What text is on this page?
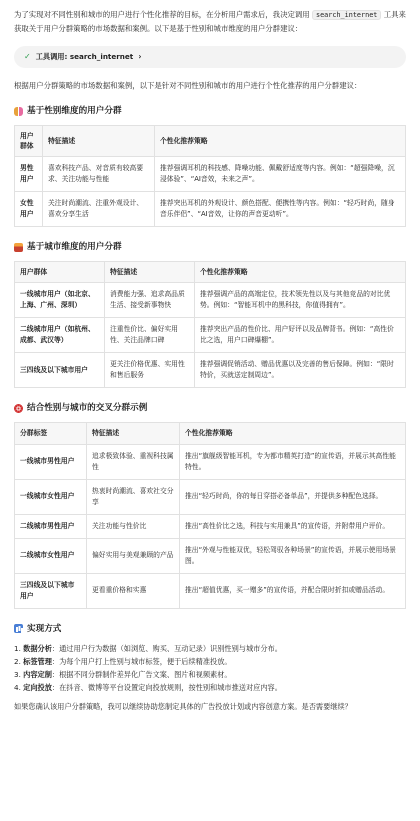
为了实现对不同性别和城市的用户进行个性化推荐的目标，在分析用户需求后，我决定调用 search_internet 工具来获取关于用户分群策略的市场数据和案例。以下是基于性别和城市维度的用户分群建议：

✓ 工具调用: search_internet ›

根据用户分群策略的市场数据和案例，以下是针对不同性别和城市的用户进行个性化推荐的用户分群建议：

基于性别维度的用户分群
用户群体	特征描述	个性化推荐策略
男性用户	喜欢科技产品、对音质有较高要求、关注功能与性能	推荐强调耳机的科技感、降噪功能、佩戴舒适度等内容。例如：“超强降噪，沉浸体验”、“AI音效，未来之声”。
女性用户	关注时尚潮流、注重外观设计、喜欢分享生活	推荐突出耳机的外观设计、颜色搭配、便携性等内容。例如：“轻巧时尚，随身音乐伴侣”、“AI音效，让你的声音更动听”。
基于城市维度的用户分群
用户群体	特征描述	个性化推荐策略
一线城市用户（如北京、上海、广州、深圳）	消费能力强、追求高品质生活、接受新事物快	推荐强调产品的高端定位，技术领先性以及与其他竞品的对比优势。例如：“智能耳机中的黑科技，你值得拥有”。
二线城市用户（如杭州、成都、武汉等）	注重性价比、偏好实用性、关注品牌口碑	推荐突出产品的性价比、用户好评以及品牌背书。例如：“高性价比之选，用户口碑爆棚”。
三四线及以下城市用户	更关注价格优惠、实用性和售后服务	推荐强调促销活动、赠品优惠以及完善的售后保障。例如：“限时特价，买就送定制周边”。
结合性别与城市的交叉分群示例
分群标签	特征描述	个性化推荐策略
一线城市男性用户	追求极致体验、重视科技属性	推出“旗舰级智能耳机，专为都市精英打造”的宣传语，并展示其高性能特性。
一线城市女性用户	热衷时尚潮流、喜欢社交分享	推出“轻巧时尚，你的每日穿搭必备单品”，并提供多种配色选择。
二线城市男性用户	关注功能与性价比	推出“高性价比之选，科技与实用兼具”的宣传语，并附带用户评价。
二线城市女性用户	偏好实用与美观兼顾的产品	推出“外观与性能双优，轻松驾驭各种场景”的宣传语，并展示使用场景图。
三四线及以下城市用户	更看重价格和实惠	推出“超值优惠，买一赠多”的宣传语，并配合限时折扣或赠品活动。
实现方式
1. 数据分析：通过用户行为数据（如浏览、购买、互动记录）识别性别与城市分布。
2. 标签管理：为每个用户打上性别与城市标签，便于后续精准投放。
3. 内容定制：根据不同分群制作差异化广告文案、图片和视频素材。
4. 定向投放：在抖音、微博等平台设置定向投放规则，按性别和城市推送对应内容。

如果您确认该用户分群策略，我可以继续协助您制定具体的广告投放计划或内容创意方案。是否需要继续？
